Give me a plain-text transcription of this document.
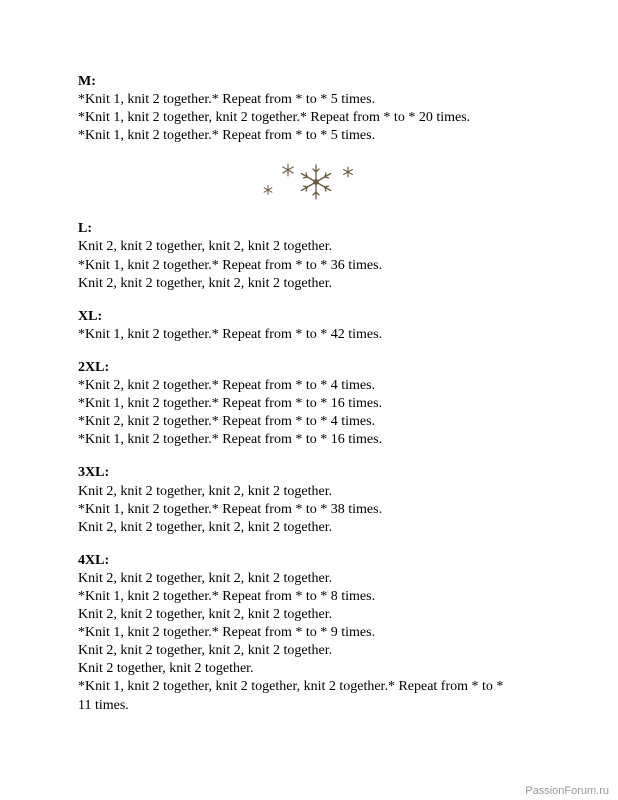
M:
*Knit 1, knit 2 together.* Repeat from * to * 5 times.
*Knit 1, knit 2 together, knit 2 together.* Repeat from * to * 20 times.
*Knit 1, knit 2 together.* Repeat from * to * 5 times.
L:
Knit 2, knit 2 together, knit 2, knit 2 together.
*Knit 1, knit 2 together.* Repeat from * to * 36 times.
Knit 2, knit 2 together, knit 2, knit 2 together.
XL:
*Knit 1, knit 2 together.* Repeat from * to * 42 times.
2XL:
*Knit 2, knit 2 together.* Repeat from * to * 4 times.
*Knit 1, knit 2 together.* Repeat from * to * 16 times.
*Knit 2, knit 2 together.* Repeat from * to * 4 times.
*Knit 1, knit 2 together.* Repeat from * to * 16 times.
3XL:
Knit 2, knit 2 together, knit 2, knit 2 together.
*Knit 1, knit 2 together.* Repeat from * to * 38 times.
Knit 2, knit 2 together, knit 2, knit 2 together.
4XL:
Knit 2, knit 2 together, knit 2, knit 2 together.
*Knit 1, knit 2 together.* Repeat from * to * 8 times.
Knit 2, knit 2 together, knit 2, knit 2 together.
*Knit 1, knit 2 together.* Repeat from * to * 9 times.
Knit 2, knit 2 together, knit 2, knit 2 together.
Knit 2 together, knit 2 together.
*Knit 1, knit 2 together, knit 2 together, knit 2 together.* Repeat from * to *
11 times.
PassionForum.ru
